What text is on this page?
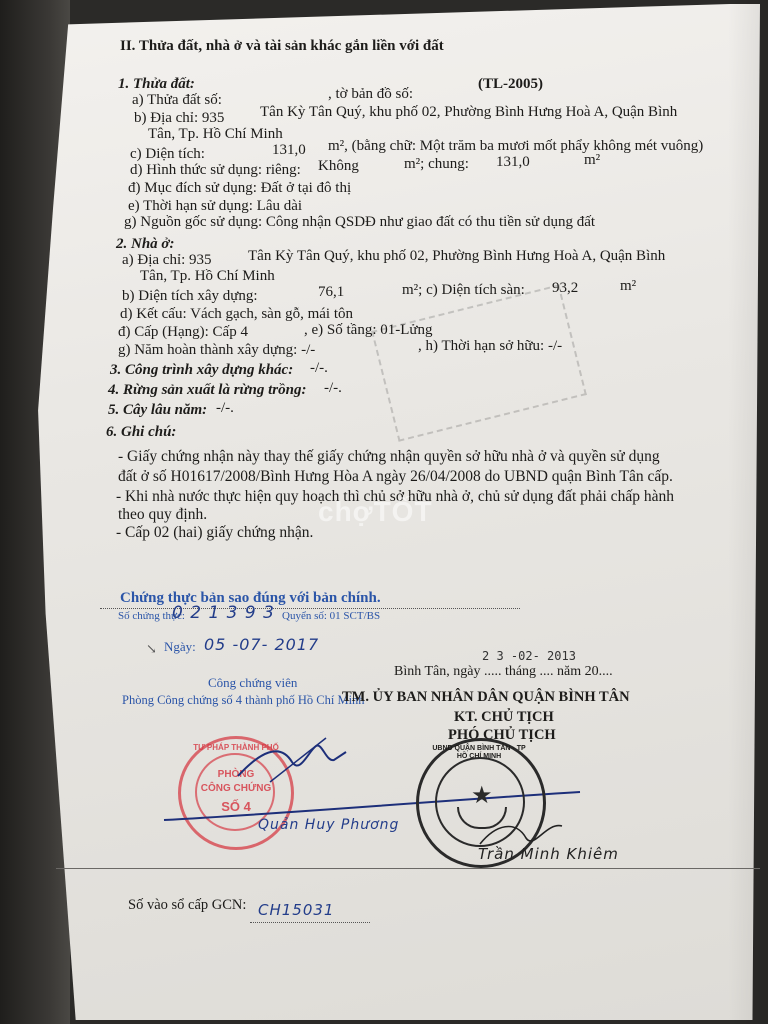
II. Thửa đất, nhà ở và tài sản khác gắn liền với đất
1. Thửa đất:
a) Thửa đất số:	, tờ bản đồ số:
(TL-2005)
b) Địa chỉ: 935 Tân Kỳ Tân Quý, khu phố 02, Phường Bình Hưng Hoà A, Quận Bình
Tân, Tp. Hồ Chí Minh
c) Diện tích:	131,0 m², (bằng chữ: Một trăm ba mươi mốt phẩy không mét vuông)
d) Hình thức sử dụng: riêng: Không	m²; chung: 131,0	m²
đ) Mục đích sử dụng: Đất ở tại đô thị
e) Thời hạn sử dụng: Lâu dài
g) Nguồn gốc sử dụng: Công nhận QSDĐ như giao đất có thu tiền sử dụng đất
2. Nhà ở:
a) Địa chỉ: 935 Tân Kỳ Tân Quý, khu phố 02, Phường Bình Hưng Hoà A, Quận Bình
Tân, Tp. Hồ Chí Minh
b) Diện tích xây dựng:	76,1	m²; c) Diện tích sàn: 93,2	m²
d) Kết cấu: Vách gạch, sàn gỗ, mái tôn
đ) Cấp (Hạng): Cấp 4	, e) Số tầng: 01-Lửng
g) Năm hoàn thành xây dựng: -/-	, h) Thời hạn sở hữu: -/-
3. Công trình xây dựng khác: -/-.
4. Rừng sản xuất là rừng trồng: -/-.
5. Cây lâu năm: -/-.
6. Ghi chú:
- Giấy chứng nhận này thay thế giấy chứng nhận quyền sở hữu nhà ở và quyền sử dụng
đất ở số H01617/2008/Bình Hưng Hòa A ngày 26/04/2008 do UBND quận Bình Tân cấp.
- Khi nhà nước thực hiện quy hoạch thì chủ sở hữu nhà ở, chủ sử dụng đất phải chấp hành
theo quy định.
- Cấp 02 (hai) giấy chứng nhận.
chợTỐT
Chứng thực bản sao đúng với bản chính.
Số chứng thực:
0 2 1 3 9 3 Quyển số: 01 SCT/BS
↘ Ngày: 05 -07- 2017
Công chứng viên
Phòng Công chứng số 4 thành phố Hồ Chí Minh
Bình Tân, ngày ..... tháng .... năm 20....
2 3 -02- 2013
TM. ỦY BAN NHÂN DÂN QUẬN BÌNH TÂN
KT. CHỦ TỊCH
PHÓ CHỦ TỊCH
TƯ PHÁP THÀNH PHỐ
PHÒNG
CÔNG CHỨNG
SỐ 4
Quản Huy Phương
UBND QUẬN BÌNH TÂN - TP HỒ CHÍ MINH
★
Trần Minh Khiêm
Số vào sổ cấp GCN: CH15031
